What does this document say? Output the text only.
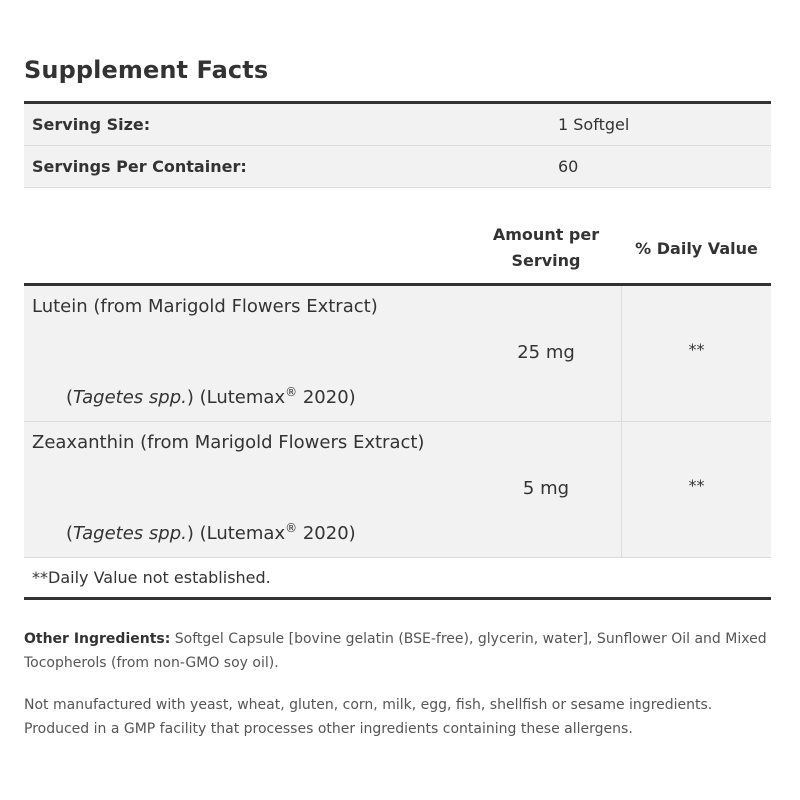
Supplement Facts
Serving Size:	1 Softgel
Servings Per Container:	60
Amount per
Serving
% Daily Value
Lutein (from Marigold Flowers Extract)
(Tagetes spp.) (Lutemax® 2020)
25 mg	**
Zeaxanthin (from Marigold Flowers Extract)
(Tagetes spp.) (Lutemax® 2020)
5 mg	**
**Daily Value not established.
Other Ingredients: Softgel Capsule [bovine gelatin (BSE-free), glycerin, water], Sunflower Oil and Mixed Tocopherols (from non-GMO soy oil).
Not manufactured with yeast, wheat, gluten, corn, milk, egg, fish, shellfish or sesame ingredients. Produced in a GMP facility that processes other ingredients containing these allergens.
